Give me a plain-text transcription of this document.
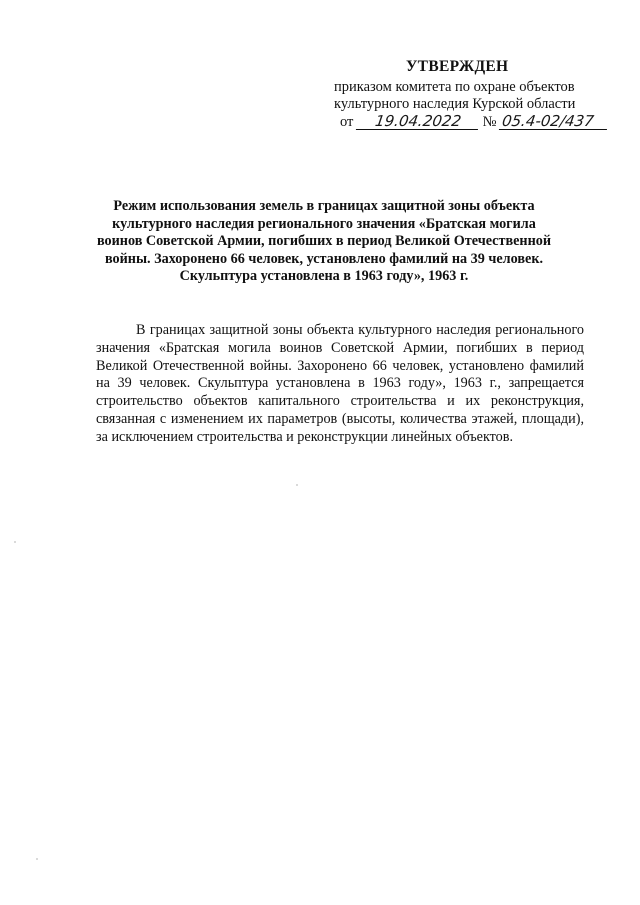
УТВЕРЖДЕН
приказом комитета по охране объектов
культурного наследия Курской области
от 19.04.2022 № 05.4-02/437
Режим использования земель в границах защитной зоны объекта культурного наследия регионального значения «Братская могила воинов Советской Армии, погибших в период Великой Отечественной войны. Захоронено 66 человек, установлено фамилий на 39 человек. Скульптура установлена в 1963 году», 1963 г.
В границах защитной зоны объекта культурного наследия регионального значения «Братская могила воинов Советской Армии, погибших в период Великой Отечественной войны. Захоронено 66 человек, установлено фамилий на 39 человек. Скульптура установлена в 1963 году», 1963 г., запрещается строительство объектов капитального строительства и их реконструкция, связанная с изменением их параметров (высоты, количества этажей, площади), за исключением строительства и реконструкции линейных объектов.
